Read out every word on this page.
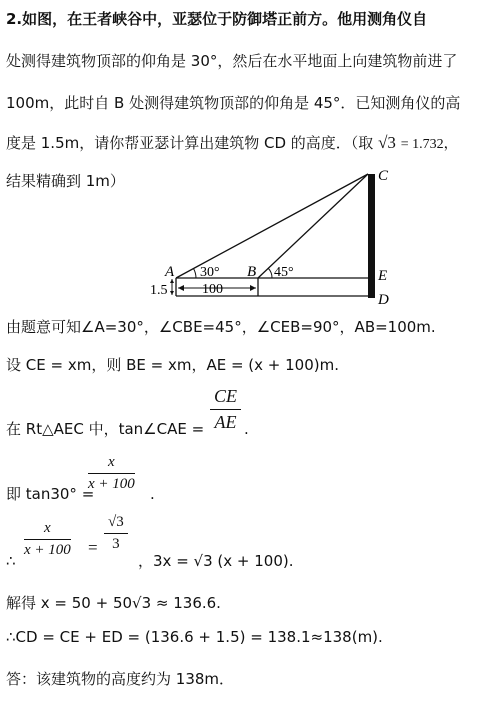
2.如图，在王者峡谷中，亚瑟位于防御塔正前方。他用测角仪自
处测得建筑物顶部的仰角是 30°，然后在水平地面上向建筑物前进了
100m，此时自 B 处测得建筑物顶部的仰角是 45°．已知测角仪的高
度是 1.5m，请你帮亚瑟计算出建筑物 CD 的高度．（取 √3 = 1.732，
结果精确到 1m）
A	B
C
E
D
30°	45°
1.5 100
由题意可知∠A=30°，∠CBE=45°，∠CEB=90°，AB=100m.
设 CE = xm，则 BE = xm，AE = (x + 100)m.
在 Rt△AEC 中，tan∠CAE = $\frac{CE}{AE}$ .
即 tan30° =
$\frac{x}{x + 100}$
.
∴
$\frac{x}{x + 100} = \frac{√3}{3}$
，3x = √3 (x + 100).
解得 x = 50 + 50√3 ≈ 136.6.
∴CD = CE + ED = (136.6 + 1.5) = 138.1≈138(m).
答：该建筑物的高度约为 138m．
